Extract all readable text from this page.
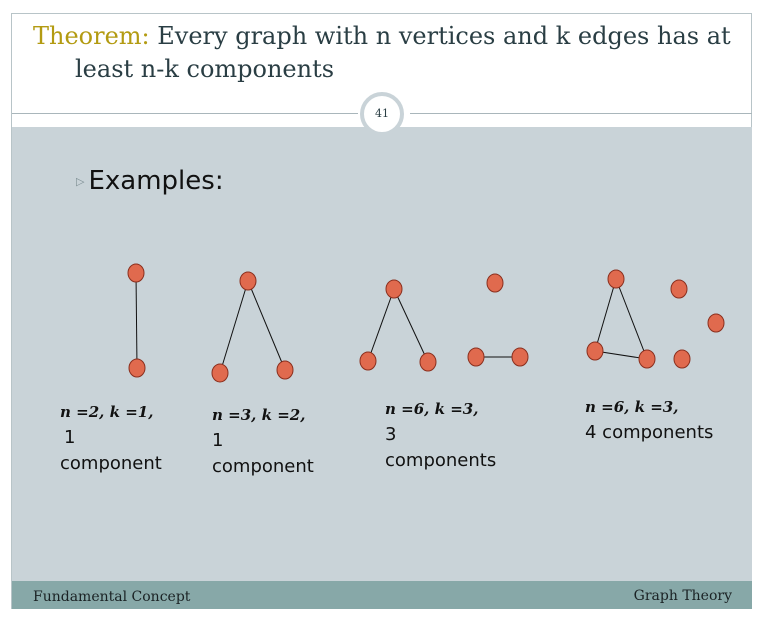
Theorem: Every graph with n vertices and k edges has at
least n-k components
41
▷ Examples:
n =2, k =1,
1
component
n =3, k =2,
1
component
n =6, k =3,
3
components
n =6, k =3,
4 components
Fundamental Concept	Graph Theory
